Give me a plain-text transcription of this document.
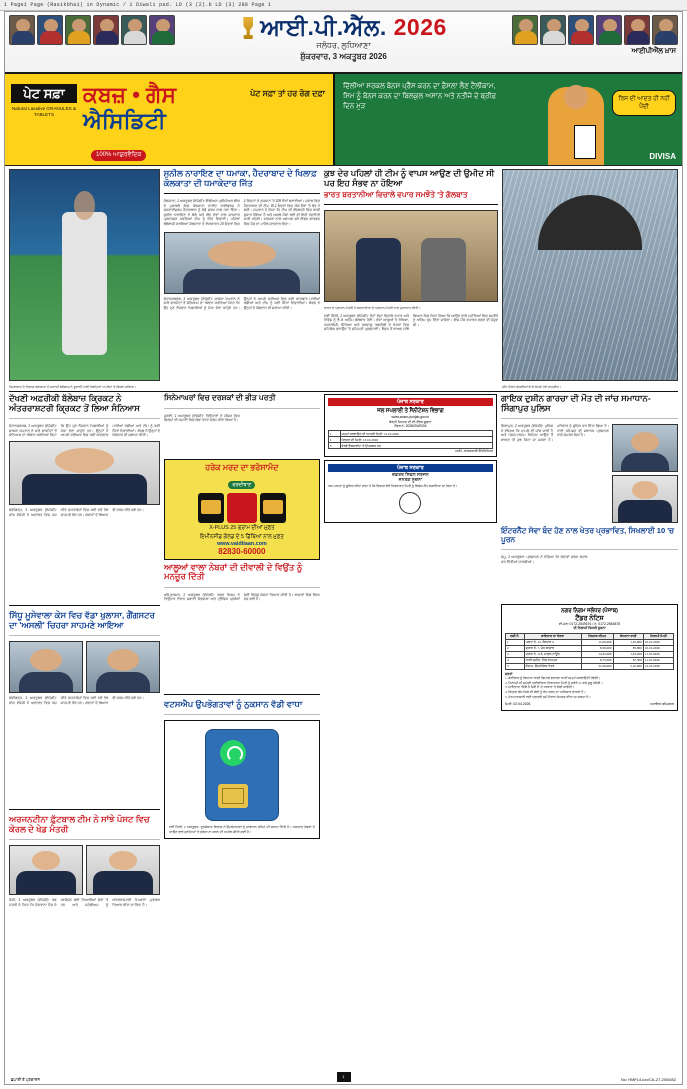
1 Page1 Page (Rasikbhai) in Dynamic / 1 Diwali pad. LD (3 (2).b LD (3) 288 Page 1
ਆਈ.ਪੀ.ਐੱਲ. 2026
ਜਲੰਧਰ, ਲੁਧਿਆਣਾ
ਸ਼ੁੱਕਰਵਾਰ, 3 ਅਕਤੂਬਰ 2026
ਆਈਪੀਐੱਲ ਖ਼ਾਸ
ਪੇਟ ਸਫ਼ਾ
Natural Laxative GRANULES & TABLETS
ਕਬਜ਼ • ਗੈਸ
ਐਸਿਡਿਟੀ
ਪੇਟ ਸਫ਼ਾ ਤਾਂ ਹਰ ਰੋਗ ਦਫ਼ਾ
100% ਆਯੁਰਵੈਦਿਕ
ਦਿੱਲੀਆ ਸਰਕਲ ਬੋਨਸ ਪ੍ਰੈੱਸ ਕਰਨ ਦਾ ਫ਼ੈਸਲਾ ਲੈਣ ਟੈਲੀਕਾਮ, ਸਿਮ ਨੂੰ ਬੋਨਸ ਕਰਨ ਦਾ ਬਿਲਕੁਲ ਅਸਾਨ ਅਤੇ ਨਤੀਜੇ ਦੇ ਬ੍ਰੀਫ਼ ਦਿਨ ਮੁੜ
ਰਿਸ ਦੀ ਆਦਤ ਹੀ ਨਹੀਂ ਪੈਂਦੀ
DIVISA
ਹੈਦਰਾਬਾਦ ਦੇ ਖਿਲਾਫ਼ ਕੋਲਕਾਤਾ ਦੇ ਸਲਾਮੀ ਬੱਲੇਬਾਜ਼ ਨੇ ਤੂਫਾਨੀ ਪਾਰੀ ਖੇਡਦਿਆਂ 55 ਗੇਂਦਾਂ 'ਤੇ ਸੈਂਕੜਾ ਜੜਿਆ।
ਸੁਨੀਲ ਨਾਰਾਇਣ ਦਾ ਧਮਾਕਾ, ਹੈਦਰਾਬਾਦ ਦੇ ਖਿਲਾਫ਼ ਕੋਲਕਾਤਾ ਦੀ ਧਮਾਕੇਦਾਰ ਜਿੱਤ
ਕੋਲਕਾਤਾ, 2 ਅਕਤੂਬਰ (ਏਜੰਸੀ)- ਇੰਡੀਅਨ ਪ੍ਰੀਮੀਅਰ ਲੀਗ ਦੇ ਮੁਕਾਬਲੇ ਵਿਚ ਕੋਲਕਾਤਾ ਨਾਈਟ ਰਾਈਡਰਜ਼ ਨੇ ਸਨਰਾਈਜ਼ਰਜ਼ ਹੈਦਰਾਬਾਦ ਨੂੰ ਵੱਡੇ ਫ਼ਰਕ ਨਾਲ ਹਰਾ ਦਿੱਤਾ। ਸੁਨੀਲ ਨਾਰਾਇਣ ਨੇ ਬੱਲੇ ਅਤੇ ਗੇਂਦ ਦੋਵਾਂ ਨਾਲ ਸ਼ਾਨਦਾਰ ਪ੍ਰਦਰਸ਼ਨ ਕਰਦਿਆਂ ਟੀਮ ਨੂੰ ਜਿੱਤ ਦਿਵਾਈ। ਪਹਿਲਾਂ ਬੱਲੇਬਾਜ਼ੀ ਕਰਦਿਆਂ ਕੋਲਕਾਤਾ ਨੇ ਨਿਰਧਾਰਤ 20 ਓਵਰਾਂ ਵਿਚ 4 ਵਿਕਟਾਂ ਦੇ ਨੁਕਸਾਨ 'ਤੇ 208 ਦੌੜਾਂ ਬਣਾਈਆਂ। ਜਵਾਬ ਵਿਚ ਹੈਦਰਾਬਾਦ ਦੀ ਟੀਮ 18.2 ਓਵਰਾਂ ਵਿਚ 164 ਦੌੜਾਂ 'ਤੇ ਢੇਰ ਹੋ ਗਈ। ਕਪਤਾਨ ਨੇ ਕਿਹਾ ਕਿ ਟੀਮ ਦੀ ਗੇਂਦਬਾਜ਼ੀ ਵਿਚ ਕਾਫ਼ੀ ਸੁਧਾਰ ਹੋਇਆ ਹੈ ਅਤੇ ਅਗਲੇ ਮੈਚਾਂ ਲਈ ਵੀ ਇਹੀ ਰਣਨੀਤੀ ਜਾਰੀ ਰਹੇਗੀ। ਦਰਸ਼ਕਾਂ ਨਾਲ ਖਚਾਖਚ ਭਰੇ ਈਡਨ ਗਾਰਡਨ ਵਿਚ ਮੈਚ ਦਾ ਮਾਹੌਲ ਸ਼ਾਨਦਾਰ ਰਿਹਾ।
ਜੋਹਾਨਸਬਰਗ, 2 ਅਕਤੂਬਰ (ਏਜੰਸੀ)- ਸਾਬਕਾ ਕਪਤਾਨ ਨੇ ਸਾਰੇ ਫਾਰਮੈਟਾਂ ਤੋਂ ਸੰਨਿਆਸ ਦਾ ਐਲਾਨ ਕਰਦਿਆਂ ਕਿਹਾ ਕਿ ਉਹ ਹੁਣ ਨੌਜਵਾਨ ਖਿਡਾਰੀਆਂ ਨੂੰ ਮੌਕਾ ਦੇਣਾ ਚਾਹੁੰਦੇ ਹਨ। ਉਨ੍ਹਾਂ ਨੇ ਆਪਣੇ ਕਰੀਅਰ ਵਿਚ ਕਈ ਯਾਦਗਾਰ ਪਾਰੀਆਂ ਖੇਡੀਆਂ ਅਤੇ ਟੀਮ ਨੂੰ ਕਈ ਜਿੱਤਾਂ ਦਿਵਾਈਆਂ। ਬੋਰਡ ਨੇ ਉਨ੍ਹਾਂ ਦੇ ਯੋਗਦਾਨ ਦੀ ਸ਼ਲਾਘਾ ਕੀਤੀ।
ਕੁਝ ਦੇਰ ਪਹਿਲਾਂ ਹੀ ਟੀਮ ਨੂੰ ਵਾਪਸ ਆਉਣ ਦੀ ਉਮੀਦ ਸੀ ਪਰ ਇਹ ਸੰਭਵ ਨਾ ਹੋਇਆ
ਭਾਰਤ ਬਰਤਾਨੀਆ ਵਿਚਾਲੇ ਵਪਾਰ ਸਮਝੌਤੇ 'ਤੇ ਗੱਲਬਾਤ
ਭਾਰਤ ਦੇ ਪ੍ਰਧਾਨ ਮੰਤਰੀ ਨੇ ਬਰਤਾਨੀਆ ਦੇ ਪ੍ਰਧਾਨ ਮੰਤਰੀ ਨਾਲ ਮੁਲਾਕਾਤ ਕੀਤੀ।
ਨਵੀਂ ਦਿੱਲੀ, 2 ਅਕਤੂਬਰ (ਏਜੰਸੀ)- ਦੋਹਾਂ ਦੇਸ਼ਾਂ ਵਿਚਾਲੇ ਵਪਾਰ ਅਤੇ ਨਿਵੇਸ਼ ਨੂੰ ਲੈ ਕੇ ਅਹਿਮ ਗੱਲਬਾਤ ਹੋਈ। ਦੋਵਾਂ ਆਗੂਆਂ ਨੇ ਰੱਖਿਆ, ਤਕਨਾਲੋਜੀ, ਸਿੱਖਿਆ ਅਤੇ ਜਲਵਾਯੂ ਤਬਦੀਲੀ ਦੇ ਖੇਤਰਾਂ ਵਿਚ ਸਹਿਯੋਗ ਵਧਾਉਣ 'ਤੇ ਸਹਿਮਤੀ ਪ੍ਰਗਟਾਈ। ਬੈਠਕ ਤੋਂ ਬਾਅਦ ਸਾਂਝੇ ਬਿਆਨ ਵਿਚ ਕਿਹਾ ਗਿਆ ਕਿ ਆਉਣ ਵਾਲੇ ਮਹੀਨਿਆਂ ਵਿਚ ਸਮਝੌਤੇ ਨੂੰ ਅੰਤਿਮ ਰੂਪ ਦਿੱਤਾ ਜਾਵੇਗਾ। ਇਸ ਮੌਕੇ ਵਪਾਰਕ ਵਫ਼ਦ ਵੀ ਮੌਜੂਦ ਸੀ।
ਮੀਂਹ ਦੌਰਾਨ ਛੱਤਰੀਆਂ ਲੈ ਕੇ ਲੰਘਦੇ ਹੋਏ ਰਾਹਗੀਰ।
ਦੱਖਣੀ ਅਫ਼ਰੀਕੀ ਬੱਲੇਬਾਜ਼ ਕ੍ਰਿਕਟ ਨੇ ਅੰਤਰਰਾਸ਼ਟਰੀ ਕ੍ਰਿਕਟ ਤੋਂ ਲਿਆ ਸੰਨਿਆਸ
ਜੋਹਾਨਸਬਰਗ, 2 ਅਕਤੂਬਰ (ਏਜੰਸੀ)- ਸਾਬਕਾ ਕਪਤਾਨ ਨੇ ਸਾਰੇ ਫਾਰਮੈਟਾਂ ਤੋਂ ਸੰਨਿਆਸ ਦਾ ਐਲਾਨ ਕਰਦਿਆਂ ਕਿਹਾ ਕਿ ਉਹ ਹੁਣ ਨੌਜਵਾਨ ਖਿਡਾਰੀਆਂ ਨੂੰ ਮੌਕਾ ਦੇਣਾ ਚਾਹੁੰਦੇ ਹਨ। ਉਨ੍ਹਾਂ ਨੇ ਆਪਣੇ ਕਰੀਅਰ ਵਿਚ ਕਈ ਯਾਦਗਾਰ ਪਾਰੀਆਂ ਖੇਡੀਆਂ ਅਤੇ ਟੀਮ ਨੂੰ ਕਈ ਜਿੱਤਾਂ ਦਿਵਾਈਆਂ। ਬੋਰਡ ਨੇ ਉਨ੍ਹਾਂ ਦੇ ਯੋਗਦਾਨ ਦੀ ਸ਼ਲਾਘਾ ਕੀਤੀ।
ਚੰਡੀਗੜ੍ਹ, 2 ਅਕਤੂਬਰ (ਏਜੰਸੀ)- ਜਾਂਚ ਏਜੰਸੀ ਨੇ ਅਦਾਲਤ ਵਿਚ ਪੇਸ਼ ਕੀਤੇ ਦਸਤਾਵੇਜ਼ਾਂ ਵਿਚ ਕਈ ਨਵੇਂ ਤੱਥ ਸਾਹਮਣੇ ਰੱਖੇ ਹਨ। ਗਵਾਹਾਂ ਦੇ ਬਿਆਨ ਵੀ ਦਰਜ ਕੀਤੇ ਗਏ ਹਨ।
ਸਿੱਧੂ ਮੂਸੇਵਾਲਾ ਕੇਸ ਵਿਚ ਵੱਡਾ ਖੁਲਾਸਾ, ਗੈਂਗਸਟਰ ਦਾ 'ਅਸਲੀ' ਚਿਹਰਾ ਸਾਹਮਣੇ ਆਇਆ
ਚੰਡੀਗੜ੍ਹ, 2 ਅਕਤੂਬਰ (ਏਜੰਸੀ)- ਜਾਂਚ ਏਜੰਸੀ ਨੇ ਅਦਾਲਤ ਵਿਚ ਪੇਸ਼ ਕੀਤੇ ਦਸਤਾਵੇਜ਼ਾਂ ਵਿਚ ਕਈ ਨਵੇਂ ਤੱਥ ਸਾਹਮਣੇ ਰੱਖੇ ਹਨ। ਗਵਾਹਾਂ ਦੇ ਬਿਆਨ ਵੀ ਦਰਜ ਕੀਤੇ ਗਏ ਹਨ।
ਅਰਜਨਟੀਨਾ ਫ਼ੁੱਟਬਾਲ ਟੀਮ ਨੇ ਸਾਂਝੇ ਪੋਸਟ ਵਿਚ ਕੇਰਲ ਦੇ ਖੇਡ ਮੰਤਰੀ
ਕੋਚੀ, 2 ਅਕਤੂਬਰ (ਏਜੰਸੀ)- ਖੇਡ ਮੰਤਰੀ ਨੇ ਕਿਹਾ ਕਿ ਦੋਸਤਾਨਾ ਮੈਚ ਦੇ ਆਯੋਜਨ ਲਈ ਤਿਆਰੀਆਂ ਜ਼ੋਰਾਂ 'ਤੇ ਹਨ ਅਤੇ ਸਟੇਡੀਅਮ ਨੂੰ ਅੰਤਰਰਾਸ਼ਟਰੀ ਮਿਆਰਾਂ ਮੁਤਾਬਕ ਤਿਆਰ ਕੀਤਾ ਜਾ ਰਿਹਾ ਹੈ।
ਸਿਨੇਮਾਘਰਾਂ ਵਿਚ ਦਰਸ਼ਕਾਂ ਦੀ ਭੀੜ ਪਰਤੀ
ਮੁੰਬਈ, 2 ਅਕਤੂਬਰ (ਏਜੰਸੀ)- ਤਿਉਹਾਰਾਂ ਦੇ ਸੀਜ਼ਨ ਵਿਚ ਫ਼ਿਲਮਾਂ ਦੀ ਕਮਾਈ ਵਿਚ ਚੰਗਾ ਵਾਧਾ ਦਰਜ ਕੀਤਾ ਗਿਆ ਹੈ।
ਹਰੇਕ ਮਰਦ ਦਾ ਭਰੋਸਾਮੰਦ
ਵਰਦੀਬਾਣ
X-PLUS 25 ਗ੍ਰਾਮ ਦੀਆਂ ਮੁਫ਼ਤ
ਇਮੀਨਸੀਡ ਗੋਲਡ ਦੇ 5 ਡਿੱਬਿਆਂ ਨਾਲ ਮੁਫ਼ਤ
www.vaidtiaan.com
82830-60000
ਆਲੂਆਂ ਵਾਲਾ ਨੇਬਰਾਂ ਦੀ ਦੀਵਾਲੀ ਦੇ ਵਿਉਂਤ ਨੂੰ ਮਨਜ਼ੂਰ ਦਿੱਤੀ
ਅੰਮ੍ਰਿਤਸਰ, 2 ਅਕਤੂਬਰ (ਏਜੰਸੀ)- ਨਗਰ ਨਿਗਮ ਨੇ ਤਿਉਹਾਰ ਦੌਰਾਨ ਸਫ਼ਾਈ ਵਿਵਸਥਾ ਅਤੇ ਟ੍ਰੈਫਿਕ ਪ੍ਰਬੰਧਾਂ ਲਈ ਵਿਸ਼ੇਸ਼ ਯੋਜਨਾ ਤਿਆਰ ਕੀਤੀ ਹੈ। ਬਾਜ਼ਾਰਾਂ ਵਿਚ ਰੌਣਕ ਵਧ ਗਈ ਹੈ।
ਵਟਸਐਪ ਉਪਭੋਗਤਾਵਾਂ ਨੂੰ ਨੁਕਸਾਨ ਵੱਡੀ ਵਾਧਾ
ਨਵੀਂ ਦਿੱਲੀ, 2 ਅਕਤੂਬਰ- ਦੂਰਸੰਚਾਰ ਵਿਭਾਗ ਨੇ ਉਪਭੋਗਤਾਵਾਂ ਨੂੰ ਸਾਵਧਾਨ ਰਹਿਣ ਦੀ ਸਲਾਹ ਦਿੱਤੀ ਹੈ। ਅਣਜਾਣ ਨੰਬਰਾਂ ਤੋਂ ਆਉਣ ਵਾਲੇ ਸੁਨੇਹਿਆਂ 'ਤੇ ਭਰੋਸਾ ਨਾ ਕਰਨ ਦੀ ਅਪੀਲ ਕੀਤੀ ਗਈ ਹੈ।
ਪੰਜਾਬ ਸਰਕਾਰ
ਜਲ ਸਪਲਾਈ ਤੇ ਸੈਨੀਟੇਸ਼ਨ ਵਿਭਾਗ
www.swsm.punjab.gov.in
ਥੋੜ੍ਹੀ ਮਿਆਦ ਦੀ ਈ-ਟੈਂਡਰ ਸੂਚਨਾ
ਟੈਂਡਰ ਨੰ. 2026/SWS/04
1	ਜਮ੍ਹਾਂ ਕਰਵਾਉਣ ਦੀ ਆਖ਼ਰੀ ਮਿਤੀ: 12.10.2026
2	ਖੋਲ੍ਹਣ ਦੀ ਮਿਤੀ: 13.10.2026
3	ਵੇਰਵੇ ਵੈੱਬਸਾਈਟ 'ਤੇ ਉਪਲਬਧ ਹਨ
ਸਹੀ/- ਕਾਰਜਕਾਰੀ ਇੰਜੀਨੀਅਰ
ਪੰਜਾਬ ਸਰਕਾਰ
ਦਫ਼ਤਰ ਸਿਵਲ ਸਰਜਨ
ਜਨਤਕ ਸੂਚਨਾ
ਆਮ ਜਨਤਾ ਨੂੰ ਸੂਚਿਤ ਕੀਤਾ ਜਾਂਦਾ ਹੈ ਕਿ ਵਿਭਾਗ ਵੱਲੋਂ ਨਿਰਧਾਰਤ ਮਿਤੀ ਨੂੰ ਵਿਸ਼ੇਸ਼ ਕੈਂਪ ਲਗਾਇਆ ਜਾ ਰਿਹਾ ਹੈ।
ਗਾਇਕ ਦੁਸ਼ੀਨ ਗਾਰਚਾ ਦੀ ਮੌਤ ਦੀ ਜਾਂਚ ਸਮਾਧਾਨ-ਸਿੰਗਾਪੁਰ ਪੁਲਿਸ
ਸਿੰਗਾਪੁਰ, 2 ਅਕਤੂਬਰ (ਏਜੰਸੀ)- ਪੁਲਿਸ ਨੇ ਦੱਸਿਆ ਕਿ ਮਾਮਲੇ ਦੀ ਜਾਂਚ ਜਾਰੀ ਹੈ ਅਤੇ ਪੋਸਟਮਾਰਟਮ ਰਿਪੋਰਟ ਆਉਣ ਤੋਂ ਬਾਅਦ ਹੀ ਕੁਝ ਕਿਹਾ ਜਾ ਸਕਦਾ ਹੈ। ਪਰਿਵਾਰ ਨੂੰ ਸੂਚਿਤ ਕਰ ਦਿੱਤਾ ਗਿਆ ਹੈ। ਹਾਈ ਕਮਿਸ਼ਨ ਵੀ ਸਥਾਨਕ ਪ੍ਰਸ਼ਾਸਨ ਨਾਲ ਸੰਪਰਕ ਵਿਚ ਹੈ।
ਇੰਟਰਨੈੱਟ ਸੇਵਾ ਬੰਦ ਹੋਣ ਨਾਲ ਖੇਤਰ ਪ੍ਰਭਾਵਿਤ, ਸਿਖਲਾਈ 10 'ਚ ਪੂਰਨ
ਜੰਮੂ, 2 ਅਕਤੂਬਰ- ਪ੍ਰਸ਼ਾਸਨ ਨੇ ਦੱਸਿਆ ਕਿ ਸੇਵਾਵਾਂ ਜਲਦ ਬਹਾਲ ਕਰ ਦਿੱਤੀਆਂ ਜਾਣਗੀਆਂ।
ਨਗਰ ਨਿਗਮ ਜਲੰਧਰ (ਪੰਜਾਬ)
ਟੈਂਡਰ ਨੋਟਿਸ
ਈ-ਮੇਲ: 0172-2549191 / ਨੋ. 0172-2554875
ਦੀ ਨਿਲਾਮੀ ਵਿਕਰੀ ਸੂਚਨਾ
ਲੜੀ ਨੰ.	ਜਾਇਦਾਦ ਦਾ ਵੇਰਵਾ	ਰਿਜ਼ਰਵ ਕੀਮਤ	ਬਿਆਨਾ ਰਾਸ਼ੀ	ਨਿਲਾਮੀ ਮਿਤੀ
1	ਪਲਾਟ ਨੰ. 12, ਸੈਕਟਰ 4	11,00,000	1,10,000	10.10.2026
2	ਦੁਕਾਨ ਨੰ. 7, ਮੇਨ ਬਾਜ਼ਾਰ	8,50,000	85,000	10.10.2026
3	ਮਕਾਨ ਨੰ. 118, ਮਾਡਲ ਟਾਊਨ	14,32,000	1,43,200	11.10.2026
4	ਖਾਲੀ ਜ਼ਮੀਨ, ਪਿੰਡ ਰਾਮਪੁਰ	6,75,000	67,500	11.10.2026
5	ਗੋਦਾਮ, ਉਦਯੋਗਿਕ ਖੇਤਰ	21,00,000	2,10,000	12.10.2026
ਸ਼ਰਤਾਂ
1. ਬੋਲੀਕਾਰ ਨੂੰ ਬਿਆਨਾ ਰਾਸ਼ੀ ਡਿਮਾਂਡ ਡਰਾਫਟ ਰਾਹੀਂ ਜਮ੍ਹਾਂ ਕਰਵਾਉਣੀ ਹੋਵੇਗੀ।
2. ਨਿਲਾਮੀ ਦੀ ਸਮੁੱਚੀ ਪ੍ਰਕਿਰਿਆ ਨਿਰਧਾਰਤ ਮਿਤੀ ਨੂੰ ਸਵੇਰੇ 11 ਵਜੇ ਸ਼ੁਰੂ ਹੋਵੇਗੀ।
3. ਜਾਇਦਾਦ 'ਜਿੱਥੇ ਹੈ ਜਿਵੇਂ ਹੈ' ਦੇ ਆਧਾਰ 'ਤੇ ਵੇਚੀ ਜਾਵੇਗੀ।
4. ਵਿਭਾਗ ਕੋਲ ਕਿਸੇ ਵੀ ਬੋਲੀ ਨੂੰ ਰੱਦ ਕਰਨ ਦਾ ਅਧਿਕਾਰ ਰਾਖਵਾਂ ਹੈ।
5. ਹੋਰ ਜਾਣਕਾਰੀ ਲਈ ਦਫ਼ਤਰੀ ਸਮੇਂ ਦੌਰਾਨ ਸੰਪਰਕ ਕੀਤਾ ਜਾ ਸਕਦਾ ਹੈ।
ਮਿਤੀ: 02.04.2026	ਸਹਾਇਕ ਕਮਿਸ਼ਨਰ
ਛਪਾਈ ਤੇ ਪ੍ਰਕਾਸ਼ਨ	No: HMFL/Lion/CA-27-2005/82
1
